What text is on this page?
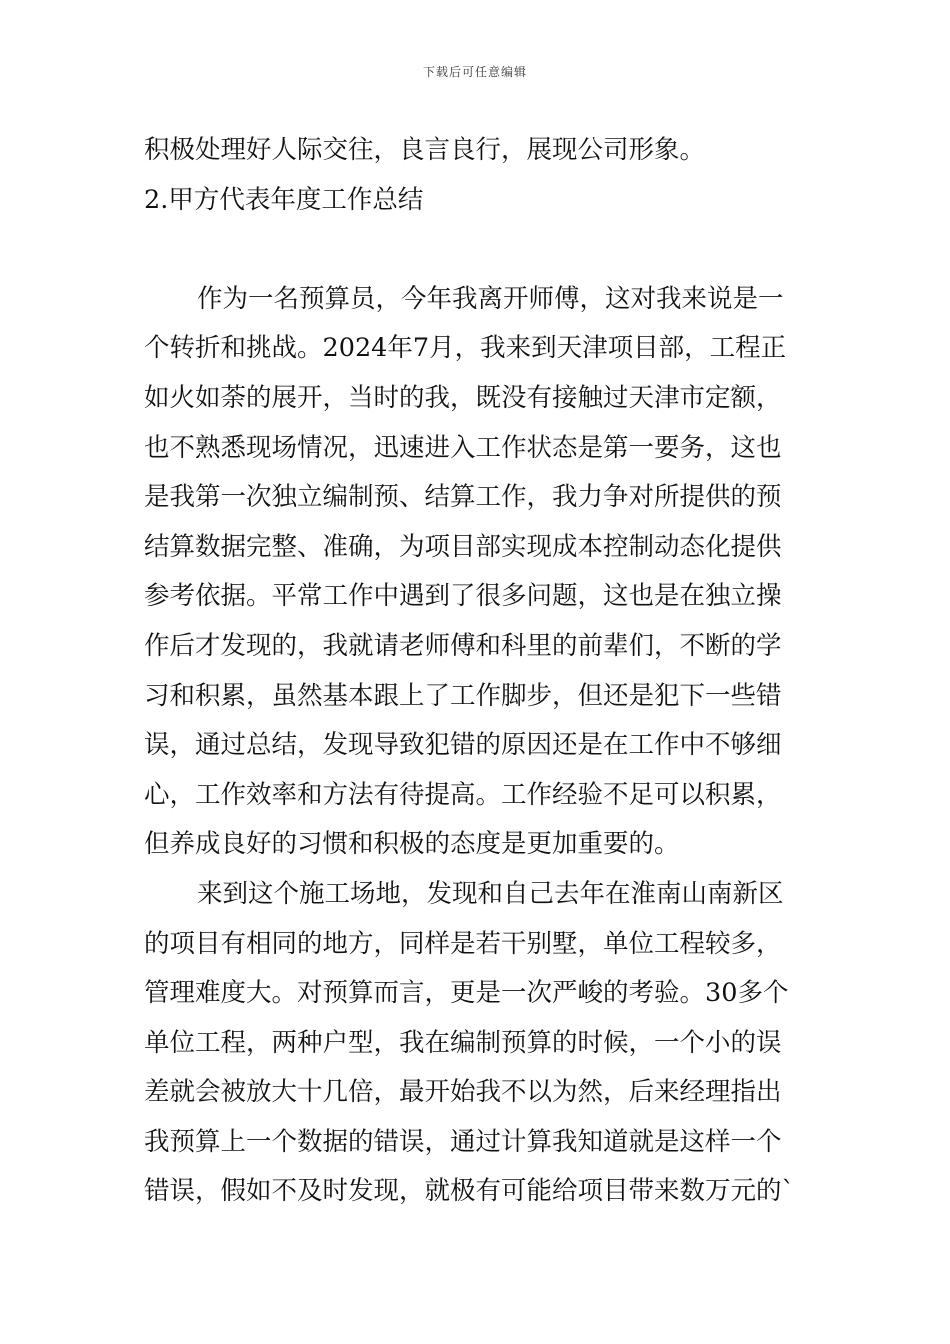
下载后可任意编辑
积极处理好人际交往，良言良行，展现公司形象。
2.甲方代表年度工作总结
作为一名预算员，今年我离开师傅，这对我来说是一
个转折和挑战。2024年7月，我来到天津项目部，工程正
如火如荼的展开，当时的我，既没有接触过天津市定额，
也不熟悉现场情况，迅速进入工作状态是第一要务，这也
是我第一次独立编制预、结算工作，我力争对所提供的预
结算数据完整、准确，为项目部实现成本控制动态化提供
参考依据。平常工作中遇到了很多问题，这也是在独立操
作后才发现的，我就请老师傅和科里的前辈们，不断的学
习和积累，虽然基本跟上了工作脚步，但还是犯下一些错
误，通过总结，发现导致犯错的原因还是在工作中不够细
心，工作效率和方法有待提高。工作经验不足可以积累，
但养成良好的习惯和积极的态度是更加重要的。
来到这个施工场地，发现和自己去年在淮南山南新区
的项目有相同的地方，同样是若干别墅，单位工程较多，
管理难度大。对预算而言，更是一次严峻的考验。30多个
单位工程，两种户型，我在编制预算的时候，一个小的误
差就会被放大十几倍，最开始我不以为然，后来经理指出
我预算上一个数据的错误，通过计算我知道就是这样一个
错误，假如不及时发现，就极有可能给项目带来数万元的`
